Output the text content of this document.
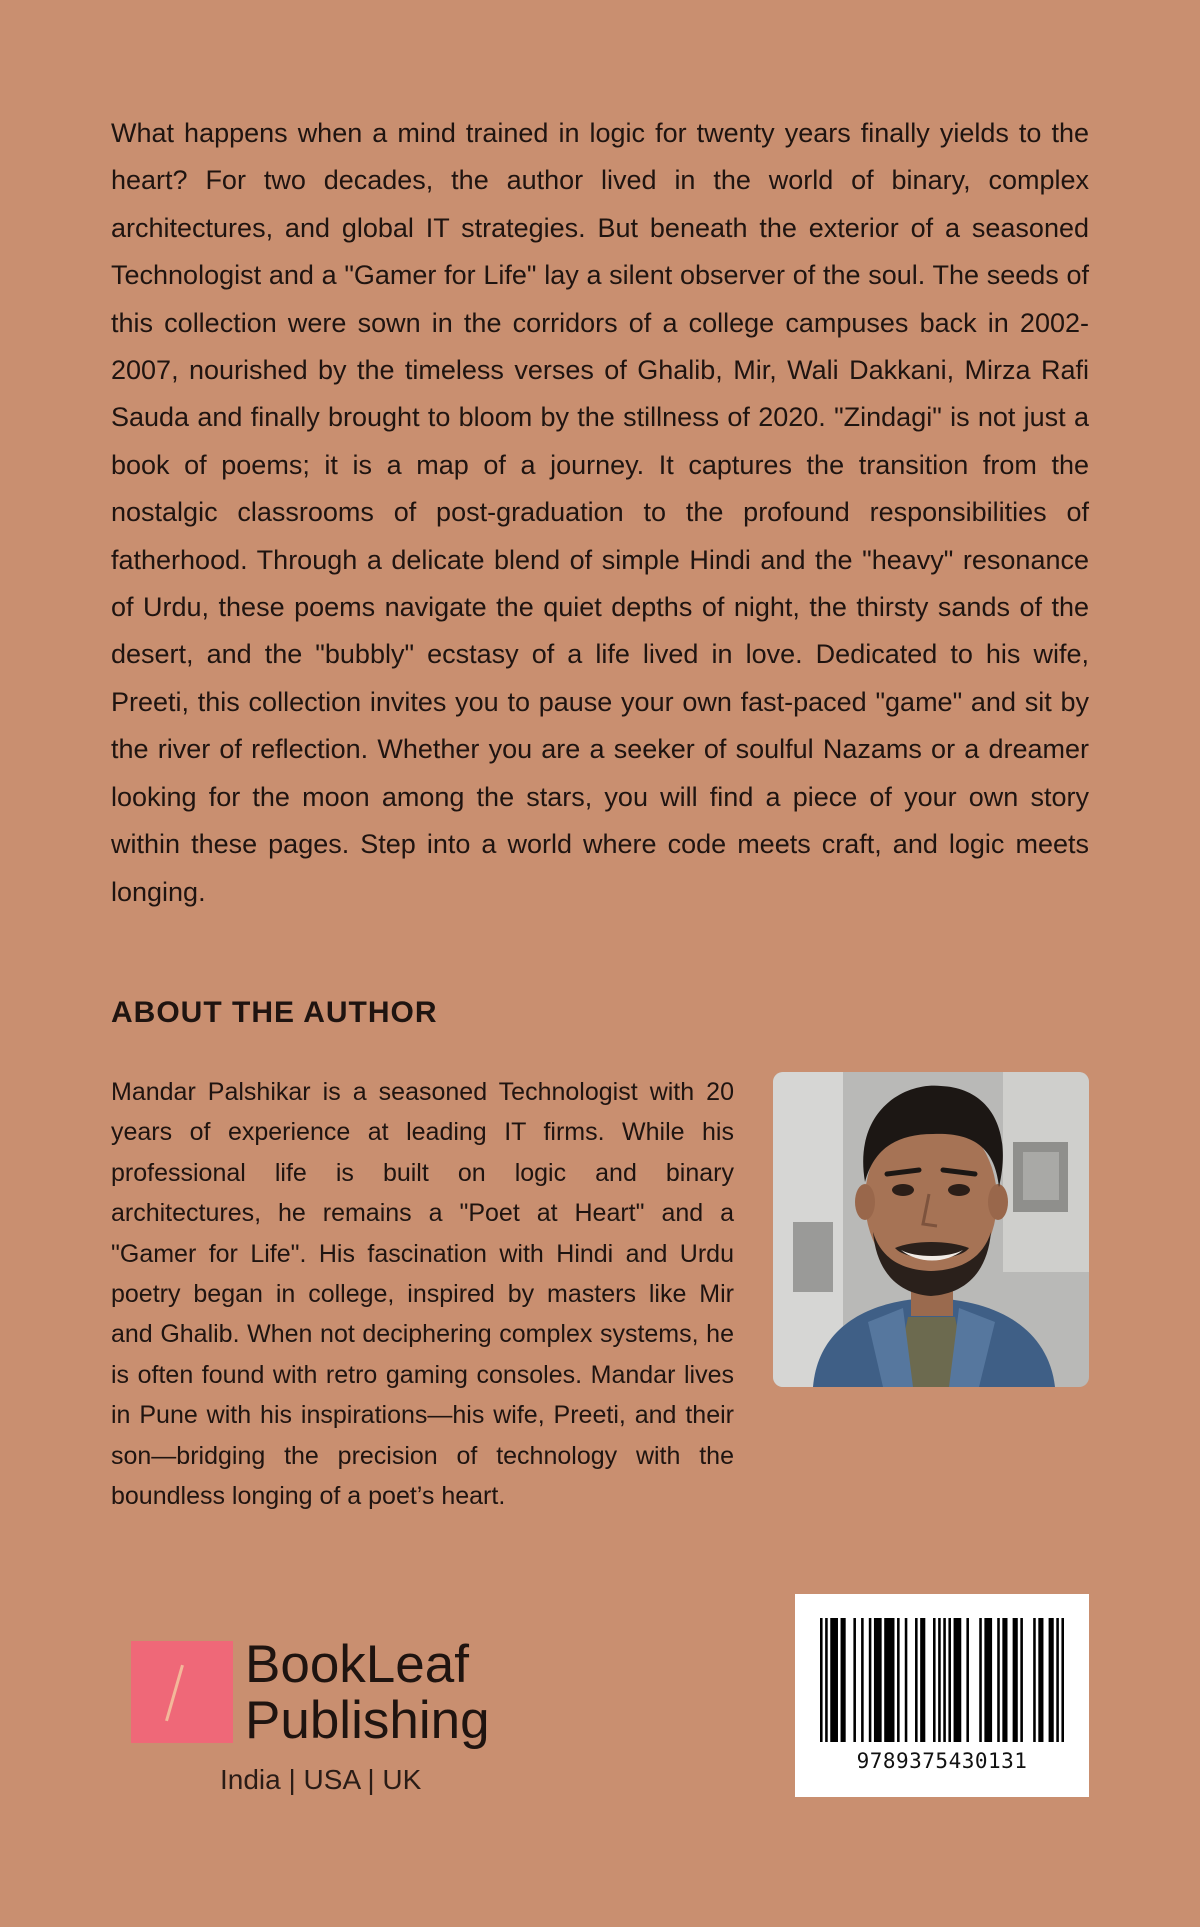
What happens when a mind trained in logic for twenty years finally yields to the heart? For two decades, the author lived in the world of binary, complex architectures, and global IT strategies. But beneath the exterior of a seasoned Technologist and a "Gamer for Life" lay a silent observer of the soul. The seeds of this collection were sown in the corridors of a college campuses back in 2002-2007, nourished by the timeless verses of Ghalib, Mir, Wali Dakkani, Mirza Rafi Sauda and finally brought to bloom by the stillness of 2020. "Zindagi" is not just a book of poems; it is a map of a journey. It captures the transition from the nostalgic classrooms of post-graduation to the profound responsibilities of fatherhood. Through a delicate blend of simple Hindi and the "heavy" resonance of Urdu, these poems navigate the quiet depths of night, the thirsty sands of the desert, and the "bubbly" ecstasy of a life lived in love. Dedicated to his wife, Preeti, this collection invites you to pause your own fast-paced "game" and sit by the river of reflection. Whether you are a seeker of soulful Nazams or a dreamer looking for the moon among the stars, you will find a piece of your own story within these pages. Step into a world where code meets craft, and logic meets longing.

ABOUT THE AUTHOR

Mandar Palshikar is a seasoned Technologist with 20 years of experience at leading IT firms. While his professional life is built on logic and binary architectures, he remains a "Poet at Heart" and a "Gamer for Life". His fascination with Hindi and Urdu poetry began in college, inspired by masters like Mir and Ghalib. When not deciphering complex systems, he is often found with retro gaming consoles. Mandar lives in Pune with his inspirations—his wife, Preeti, and their son—bridging the precision of technology with the boundless longing of a poet’s heart.

BookLeaf
Publishing
India | USA | UK
9789375430131
